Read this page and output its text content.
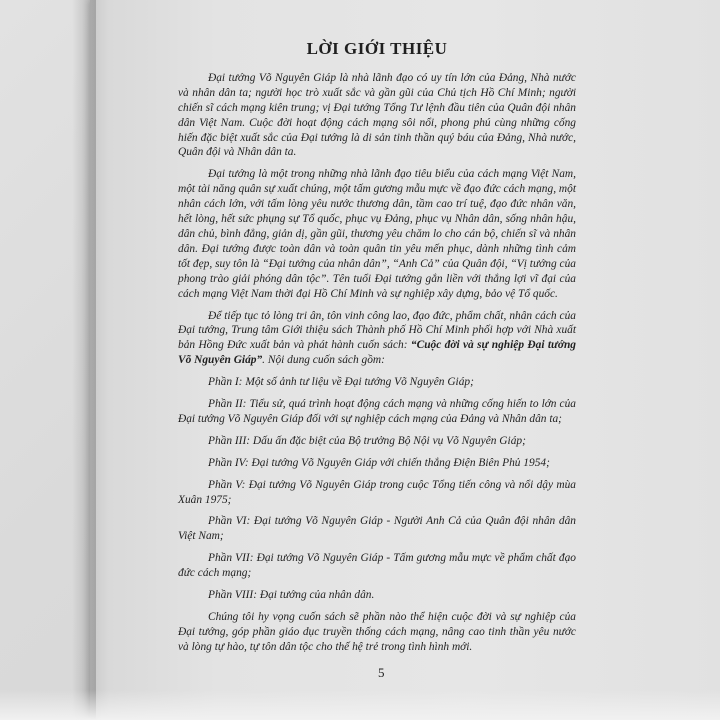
LỜI GIỚI THIỆU

Đại tướng Võ Nguyên Giáp là nhà lãnh đạo có uy tín lớn của Đảng, Nhà nước và nhân dân ta; người học trò xuất sắc và gần gũi của Chủ tịch Hồ Chí Minh; người chiến sĩ cách mạng kiên trung; vị Đại tướng Tổng Tư lệnh đầu tiên của Quân đội nhân dân Việt Nam. Cuộc đời hoạt động cách mạng sôi nổi, phong phú cùng những cống hiến đặc biệt xuất sắc của Đại tướng là di sản tinh thần quý báu của Đảng, Nhà nước, Quân đội và Nhân dân ta.

Đại tướng là một trong những nhà lãnh đạo tiêu biểu của cách mạng Việt Nam, một tài năng quân sự xuất chúng, một tấm gương mẫu mực về đạo đức cách mạng, một nhân cách lớn, với tấm lòng yêu nước thương dân, tầm cao trí tuệ, đạo đức nhân văn, hết lòng, hết sức phụng sự Tổ quốc, phục vụ Đảng, phục vụ Nhân dân, sống nhân hậu, dân chủ, bình đẳng, giản dị, gần gũi, thương yêu chăm lo cho cán bộ, chiến sĩ và nhân dân. Đại tướng được toàn dân và toàn quân tin yêu mến phục, dành những tình cảm tốt đẹp, suy tôn là “Đại tướng của nhân dân”, “Anh Cả” của Quân đội, “Vị tướng của phong trào giải phóng dân tộc”. Tên tuổi Đại tướng gắn liền với thắng lợi vĩ đại của cách mạng Việt Nam thời đại Hồ Chí Minh và sự nghiệp xây dựng, bảo vệ Tổ quốc.

Để tiếp tục tỏ lòng tri ân, tôn vinh công lao, đạo đức, phẩm chất, nhân cách của Đại tướng, Trung tâm Giới thiệu sách Thành phố Hồ Chí Minh phối hợp với Nhà xuất bản Hồng Đức xuất bản và phát hành cuốn sách: “Cuộc đời và sự nghiệp Đại tướng Võ Nguyên Giáp”. Nội dung cuốn sách gồm:

Phần I: Một số ảnh tư liệu về Đại tướng Võ Nguyên Giáp;

Phần II: Tiểu sử, quá trình hoạt động cách mạng và những cống hiến to lớn của Đại tướng Võ Nguyên Giáp đối với sự nghiệp cách mạng của Đảng và Nhân dân ta;

Phần III: Dấu ấn đặc biệt của Bộ trưởng Bộ Nội vụ Võ Nguyên Giáp;

Phần IV: Đại tướng Võ Nguyên Giáp với chiến thắng Điện Biên Phủ 1954;

Phần V: Đại tướng Võ Nguyên Giáp trong cuộc Tổng tiến công và nổi dậy mùa Xuân 1975;

Phần VI: Đại tướng Võ Nguyên Giáp - Người Anh Cả của Quân đội nhân dân Việt Nam;

Phần VII: Đại tướng Võ Nguyên Giáp - Tấm gương mẫu mực về phẩm chất đạo đức cách mạng;

Phần VIII: Đại tướng của nhân dân.

Chúng tôi hy vọng cuốn sách sẽ phần nào thể hiện cuộc đời và sự nghiệp của Đại tướng, góp phần giáo dục truyền thống cách mạng, nâng cao tinh thần yêu nước và lòng tự hào, tự tôn dân tộc cho thế hệ trẻ trong tình hình mới.

5
